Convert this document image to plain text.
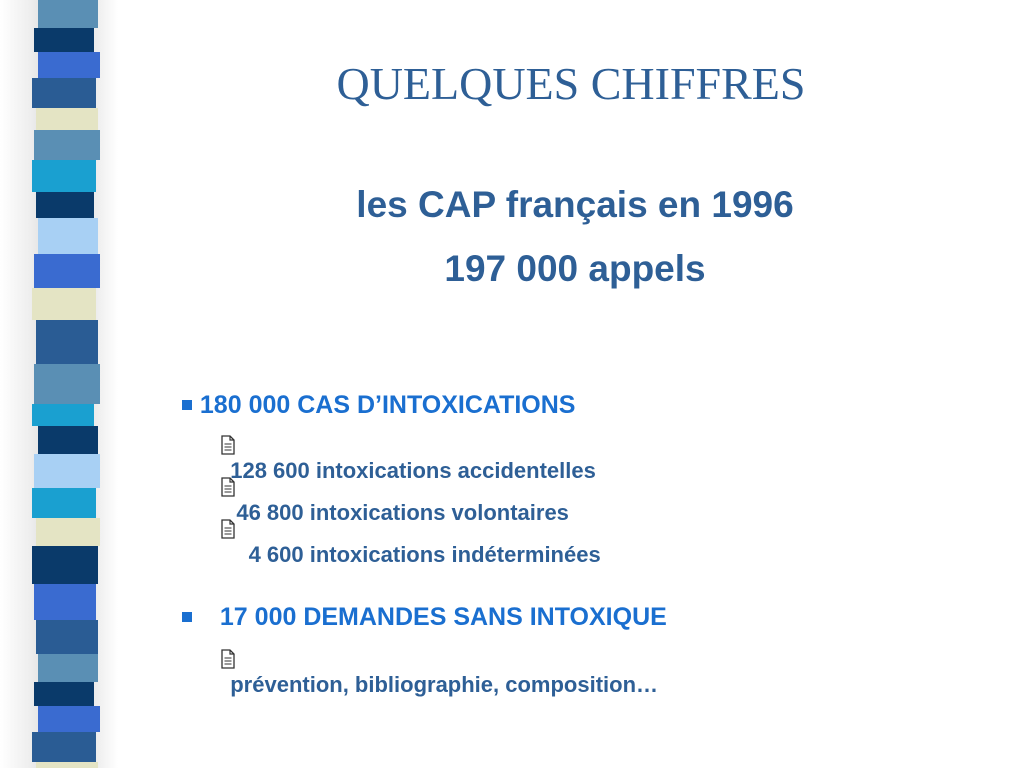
QUELQUES CHIFFRES

les CAP français en 1996

197 000 appels

180 000 CAS D’INTOXICATIONS

128 600 intoxications accidentelles

46 800 intoxications volontaires

4 600 intoxications indéterminées

17 000 DEMANDES SANS INTOXIQUE

prévention, bibliographie, composition…
